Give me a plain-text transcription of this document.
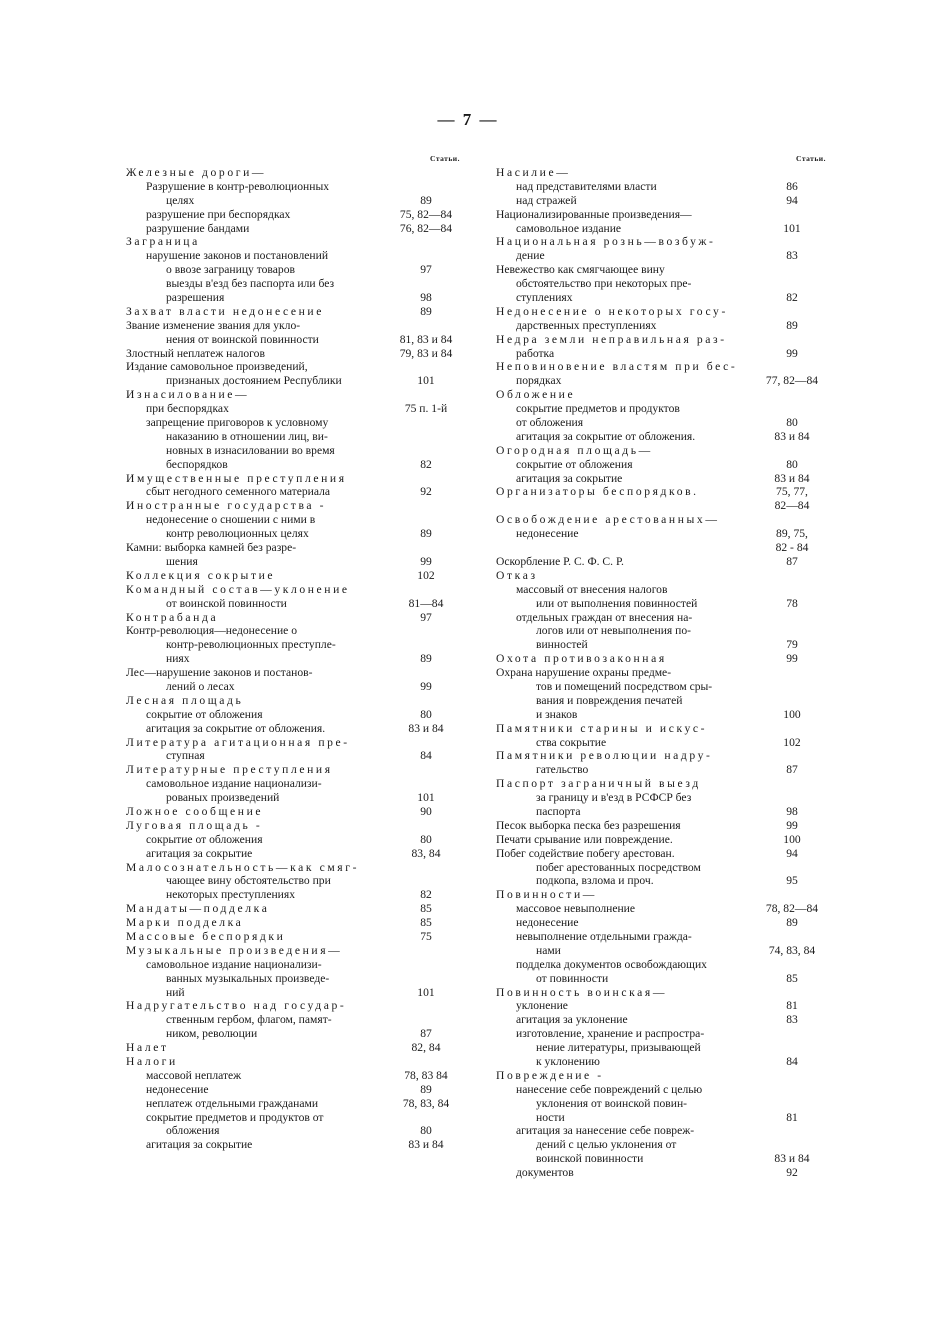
— 7 —
Статьи.
Железные дороги—
Разрушение в контр-революционных
целях	89
разрушение при беспорядках	75, 82—84
разрушение бандами	76, 82—84
Заграница
нарушение законов и постановлений
о ввозе заграницу товаров	97
выезды в'езд без паспорта или без
разрешения	98
Захват власти недонесение	89
Звание изменение звания для укло-
нения от воинской повинности	81, 83 и 84
Злостный неплатеж налогов	79, 83 и 84
Издание самовольное произведений,
признаных достоянием Республики	101
Изнасилование—
при беспорядках	75 п. 1-й
запрещение приговоров к условному
наказанию в отношении лиц, ви-
новных в изнасиловании во время
беспорядков	82
Имущественные преступления
сбыт негодного семенного материала	92
Иностранные государства -
недонесение о сношении с ними в
контр революционных целях	89
Камни: выборка камней без разре-
шения	99
Коллекция сокрытие	102
Командный состав—уклонение
от воинской повинности	81—84
Контрабанда	97
Контр-революция—недонесение о
контр-революционных преступле-
ниях	89
Лес—нарушение законов и постанов-
лений о лесах	99
Лесная площадь
сокрытие от обложения	80
агитация за сокрытие от обложения.	83 и 84
Литература агитационная пре-
ступная	84
Литературные преступления
самовольное издание национализи-
рованых произведений	101
Ложное сообщение	90
Луговая площадь -
сокрытие от обложения	80
агитация за сокрытие	83, 84
Малосознательность—как смяг-
чающее вину обстоятельство при
некоторых преступлениях	82
Мандаты—подделка	85
Марки подделка	85
Массовые беспорядки	75
Музыкальные произведения—
самовольное издание национализи-
ванных музыкальных произведе-
ний	101
Надругательство над государ-
ственным гербом, флагом, памят-
ником, революции	87
Налет	82, 84
Налоги
массовой неплатеж	78, 83 84
недонесение	89
неплатеж отдельными гражданами	78, 83, 84
сокрытие предметов и продуктов от
обложения	80
агитация за сокрытие	83 и 84
Статьи.
Насилие—
над представителями власти	86
над стражей	94
Национализированные произведения—
самовольное издание	101
Национальная рознь—возбуж-
дение	83
Невежество как смягчающее вину
обстоятельство при некоторых пре-
ступлениях	82
Недонесение о некоторых госу-
дарственных преступлениях	89
Недра земли неправильная раз-
работка	99
Неповиновение властям при бес-
порядках	77, 82—84
Обложение
сокрытие предметов и продуктов
от обложения	80
агитация за сокрытие от обложения.	83 и 84
Огородная площадь—
сокрытие от обложения	80
агитация за сокрытие	83 и 84
Организаторы беспорядков.	75, 77,
82—84
Освобождение арестованных—
недонесение	89, 75,
82 - 84
Оскорбление Р. С. Ф. С. Р.	87
Отказ
массовый от внесения налогов
или от выполнения повинностей	78
отдельных граждан от внесения на-
логов или от невыполнения по-
винностей	79
Охота противозаконная	99
Охрана нарушение охраны предме-
тов и помещений посредством сры-
вания и повреждения печатей
и знаков	100
Памятники старины и искус-
ства сокрытие	102
Памятники революции надру-
гательство	87
Паспорт заграничный выезд
за границу и в'езд в РСФСР без
паспорта	98
Песок выборка песка без разрешения	99
Печати срывание или повреждение.	100
Побег содействие побегу арестован.	94
побег арестованных посредством
подкопа, взлома и проч.	95
Повинности—
массовое невыполнение	78, 82—84
недонесение	89
невыполнение отдельными гражда-
нами	74, 83, 84
подделка документов освобождающих
от повинности	85
Повинность воинская—
уклонение	81
агитация за уклонение	83
изготовление, хранение и распростра-
нение литературы, призывающей
к уклонению	84
Повреждение -
нанесение себе повреждений с целью
уклонения от воинской повин-
ности	81
агитация за нанесение себе повреж-
дений с целью уклонения от
воинской повинности	83 и 84
документов	92
